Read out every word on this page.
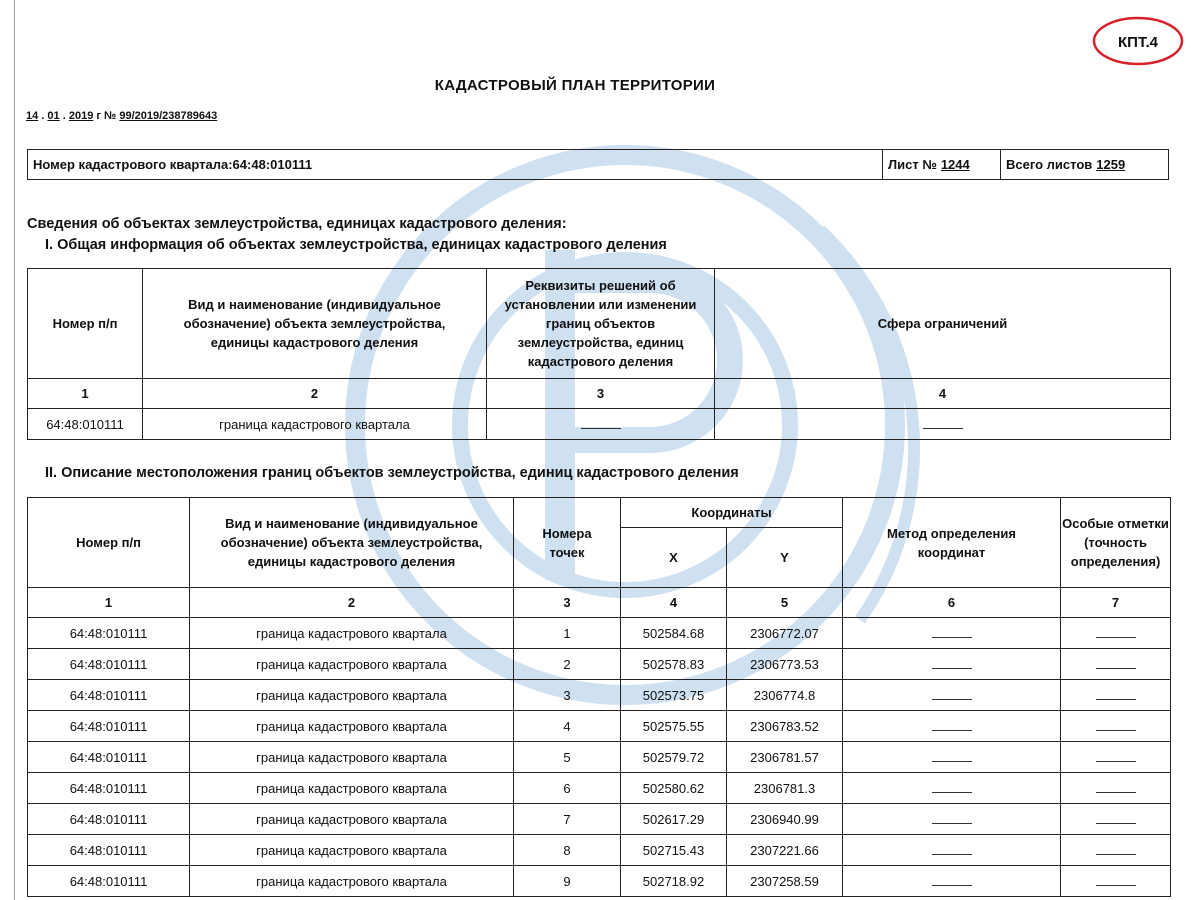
КПТ.4
КАДАСТРОВЫЙ ПЛАН ТЕРРИТОРИИ
14 . 01 . 2019 г № 99/2019/238789643
Номер кадастрового квартала:64:48:010111	Лист № 1244	Всего листов 1259
Сведения об объектах землеустройства, единицах кадастрового деления:
I. Общая информация об объектах землеустройства, единицах кадастрового деления
Номер п/п	Вид и наименование (индивидуальное обозначение) объекта землеустройства, единицы кадастрового деления	Реквизиты решений об установлении или изменении границ объектов землеустройства, единиц кадастрового деления	Сфера ограничений
1	2	3	4
64:48:010111	граница кадастрового квартала		
II. Описание местоположения границ объектов землеустройства, единиц кадастрового деления
Номер п/п	Вид и наименование (индивидуальное обозначение) объекта землеустройства, единицы кадастрового деления	Номера точек	Координаты		Метод определения координат	Особые отметки (точность определения)
			X	Y		
1	2	3	4	5	6	7
64:48:010111	граница кадастрового квартала	1	502584.68	2306772.07		
64:48:010111	граница кадастрового квартала	2	502578.83	2306773.53		
64:48:010111	граница кадастрового квартала	3	502573.75	2306774.8		
64:48:010111	граница кадастрового квартала	4	502575.55	2306783.52		
64:48:010111	граница кадастрового квартала	5	502579.72	2306781.57		
64:48:010111	граница кадастрового квартала	6	502580.62	2306781.3		
64:48:010111	граница кадастрового квартала	7	502617.29	2306940.99		
64:48:010111	граница кадастрового квартала	8	502715.43	2307221.66		
64:48:010111	граница кадастрового квартала	9	502718.92	2307258.59		
